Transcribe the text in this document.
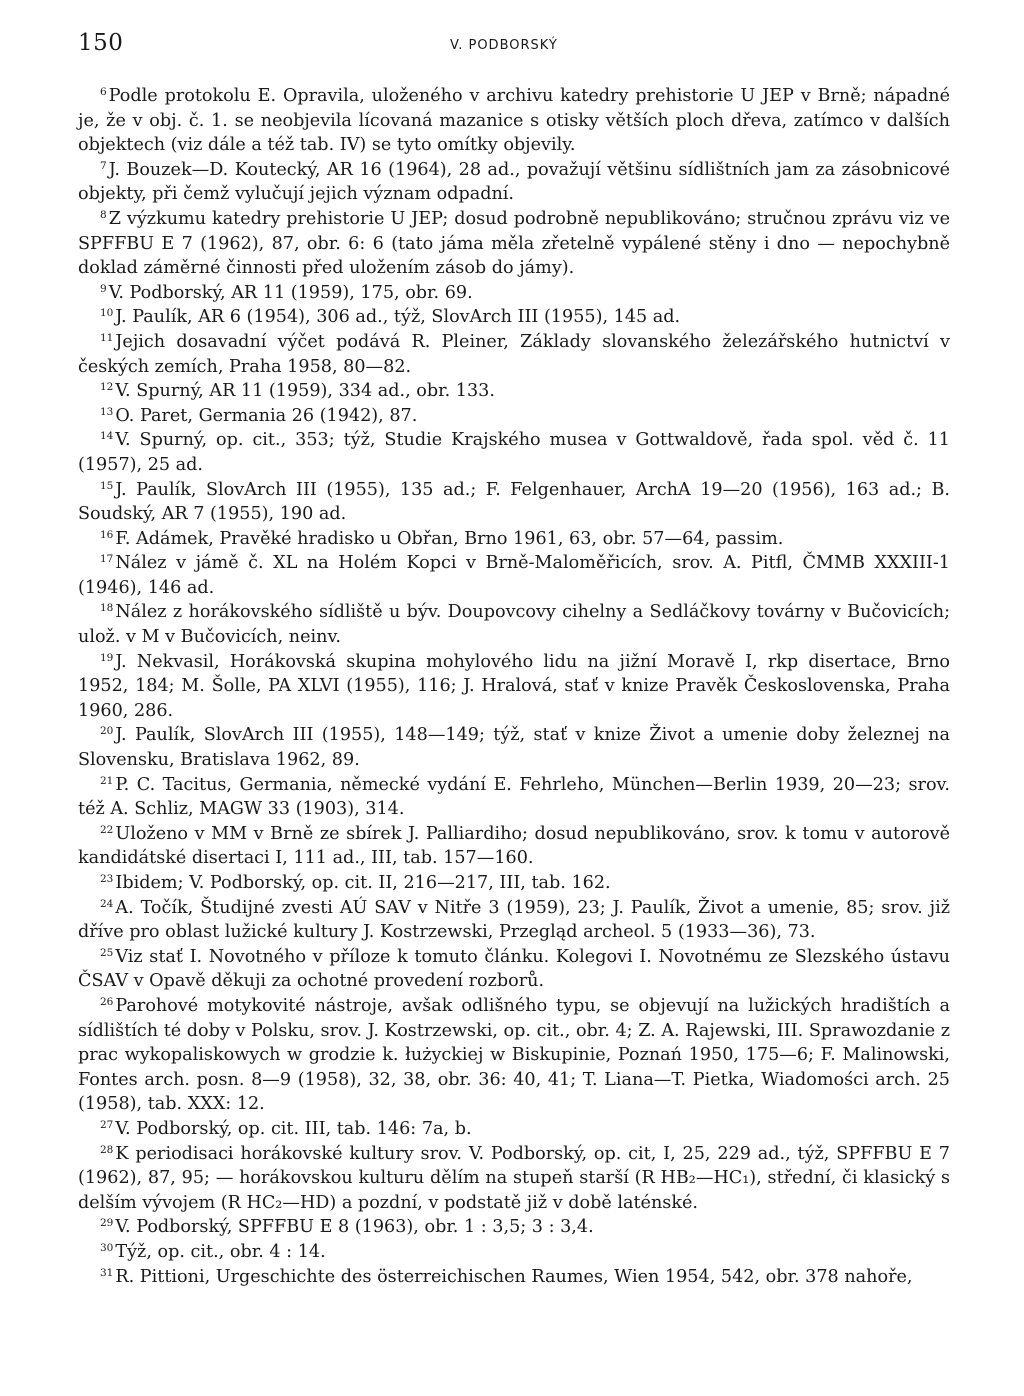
150	V. PODBORSKÝ

$^6$ Podle protokolu E. Opravila, uloženého v archivu katedry prehistorie U JEP v Brně; nápadné je, že v obj. č. 1. se neobjevila lícovaná mazanice s otisky větších ploch dřeva, zatímco v dalších objektech (viz dále a též tab. IV) se tyto omítky objevily.

$^7$ J. Bouzek—D. Koutecký, AR 16 (1964), 28 ad., považují většinu sídlištních jam za zásobnicové objekty, při čemž vylučují jejich význam odpadní.

$^8$ Z výzkumu katedry prehistorie U JEP; dosud podrobně nepublikováno; stručnou zprávu viz ve SPFFBU E 7 (1962), 87, obr. 6: 6 (tato jáma měla zřetelně vypálené stěny i dno — nepochybně doklad záměrné činnosti před uložením zásob do jámy).

$^9$ V. Podborský, AR 11 (1959), 175, obr. 69.

$^{10}$ J. Paulík, AR 6 (1954), 306 ad., týž, SlovArch III (1955), 145 ad.

$^{11}$ Jejich dosavadní výčet podává R. Pleiner, Základy slovanského železářského hutnictví v českých zemích, Praha 1958, 80—82.

$^{12}$ V. Spurný, AR 11 (1959), 334 ad., obr. 133.

$^{13}$ O. Paret, Germania 26 (1942), 87.

$^{14}$ V. Spurný, op. cit., 353; týž, Studie Krajského musea v Gottwaldově, řada spol. věd č. 11 (1957), 25 ad.

$^{15}$ J. Paulík, SlovArch III (1955), 135 ad.; F. Felgenhauer, ArchA 19—20 (1956), 163 ad.; B. Soudský, AR 7 (1955), 190 ad.

$^{16}$ F. Adámek, Pravěké hradisko u Obřan, Brno 1961, 63, obr. 57—64, passim.

$^{17}$ Nález v jámě č. XL na Holém Kopci v Brně-Maloměřicích, srov. A. Pitfl, ČMMB XXXIII-1 (1946), 146 ad.

$^{18}$ Nález z horákovského sídliště u býv. Doupovcovy cihelny a Sedláčkovy továrny v Bučovicích; ulož. v M v Bučovicích, neinv.

$^{19}$ J. Nekvasil, Horákovská skupina mohylového lidu na jižní Moravě I, rkp disertace, Brno 1952, 184; M. Šolle, PA XLVI (1955), 116; J. Hralová, stať v knize Pravěk Československa, Praha 1960, 286.

$^{20}$ J. Paulík, SlovArch III (1955), 148—149; týž, stať v knize Život a umenie doby železnej na Slovensku, Bratislava 1962, 89.

$^{21}$ P. C. Tacitus, Germania, německé vydání E. Fehrleho, München—Berlin 1939, 20—23; srov. též A. Schliz, MAGW 33 (1903), 314.

$^{22}$ Uloženo v MM v Brně ze sbírek J. Palliardiho; dosud nepublikováno, srov. k tomu v autorově kandidátské disertaci I, 111 ad., III, tab. 157—160.

$^{23}$ Ibidem; V. Podborský, op. cit. II, 216—217, III, tab. 162.

$^{24}$ A. Točík, Študijné zvesti AÚ SAV v Nitře 3 (1959), 23; J. Paulík, Život a umenie, 85; srov. již dříve pro oblast lužické kultury J. Kostrzewski, Przegląd archeol. 5 (1933—36), 73.

$^{25}$ Viz stať I. Novotného v příloze k tomuto článku. Kolegovi I. Novotnému ze Slezského ústavu ČSAV v Opavě děkuji za ochotné provedení rozborů.

$^{26}$ Parohové motykovité nástroje, avšak odlišného typu, se objevují na lužických hradištích a sídlištích té doby v Polsku, srov. J. Kostrzewski, op. cit., obr. 4; Z. A. Rajewski, III. Sprawozdanie z prac wykopaliskowych w grodzie k. łużyckiej w Biskupinie, Poznań 1950, 175—6; F. Malinowski, Fontes arch. posn. 8—9 (1958), 32, 38, obr. 36: 40, 41; T. Liana—T. Pietka, Wiadomości arch. 25 (1958), tab. XXX: 12.

$^{27}$ V. Podborský, op. cit. III, tab. 146: 7a, b.

$^{28}$ K periodisaci horákovské kultury srov. V. Podborský, op. cit, I, 25, 229 ad., týž, SPFFBU E 7 (1962), 87, 95; — horákovskou kulturu dělím na stupeň starší (R HB₂—HC₁), střední, či klasický s delším vývojem (R HC₂—HD) a pozdní, v podstatě již v době laténské.

$^{29}$ V. Podborský, SPFFBU E 8 (1963), obr. 1 : 3,5; 3 : 3,4.

$^{30}$ Týž, op. cit., obr. 4 : 14.

$^{31}$ R. Pittioni, Urgeschichte des österreichischen Raumes, Wien 1954, 542, obr. 378 nahoře,
